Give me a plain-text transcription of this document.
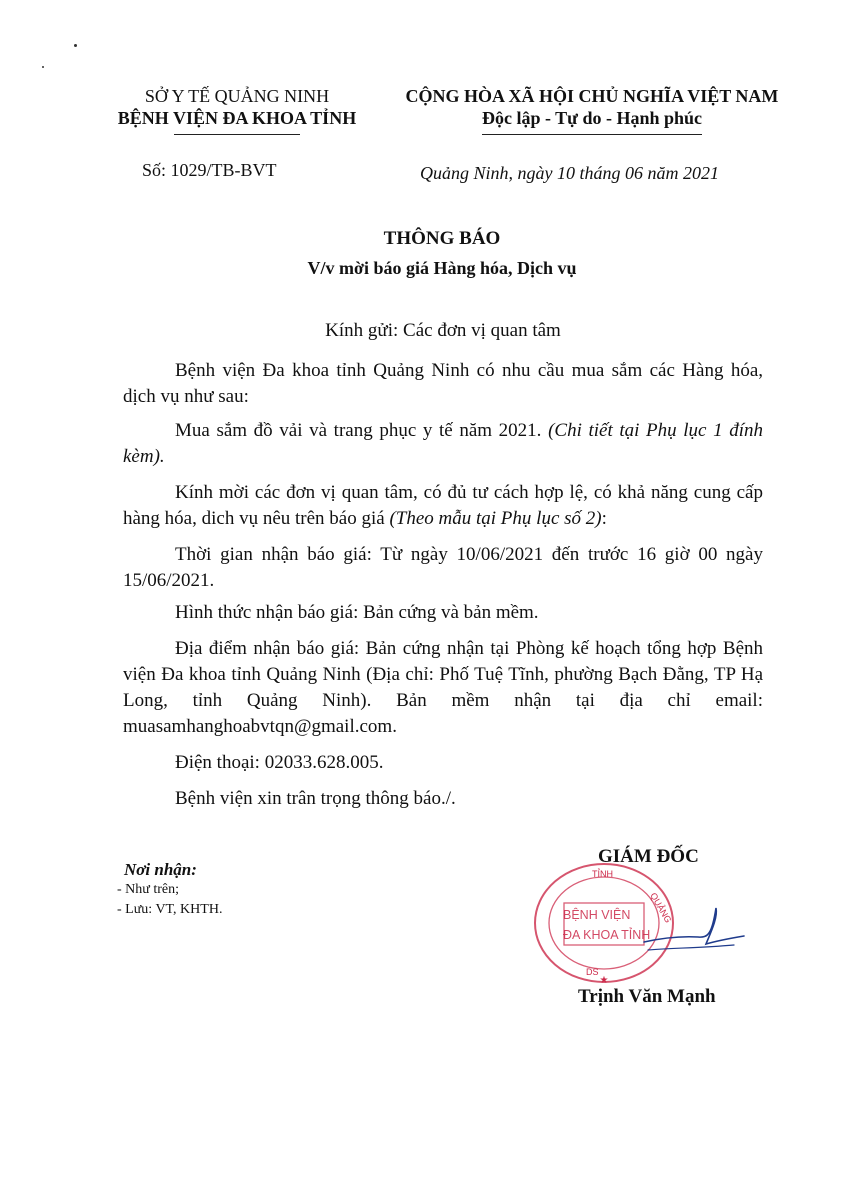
SỞ Y TẾ QUẢNG NINH
BỆNH VIỆN ĐA KHOA TỈNH
CỘNG HÒA XÃ HỘI CHỦ NGHĨA VIỆT NAM
Độc lập - Tự do - Hạnh phúc
Số: 1029/TB-BVT	Quảng Ninh, ngày 10 tháng 06 năm 2021
THÔNG BÁO
V/v mời báo giá Hàng hóa, Dịch vụ
Kính gửi: Các đơn vị quan tâm
Bệnh viện Đa khoa tỉnh Quảng Ninh có nhu cầu mua sắm các Hàng hóa, dịch vụ như sau:
Mua sắm đồ vải và trang phục y tế năm 2021. (Chi tiết tại Phụ lục 1 đính kèm).
Kính mời các đơn vị quan tâm, có đủ tư cách hợp lệ, có khả năng cung cấp hàng hóa, dich vụ nêu trên báo giá (Theo mẫu tại Phụ lục số 2):
Thời gian nhận báo giá: Từ ngày 10/06/2021 đến trước 16 giờ 00 ngày 15/06/2021.
Hình thức nhận báo giá: Bản cứng và bản mềm.
Địa điểm nhận báo giá: Bản cứng nhận tại Phòng kế hoạch tổng hợp Bệnh viện Đa khoa tỉnh Quảng Ninh (Địa chỉ: Phố Tuệ Tĩnh, phường Bạch Đằng, TP Hạ Long, tỉnh Quảng Ninh). Bản mềm nhận tại địa chỉ email: muasamhanghoabvtqn@gmail.com.
Điện thoại: 02033.628.005.
Bệnh viện xin trân trọng thông báo./.
Nơi nhận:
- Như trên;
- Lưu: VT, KHTH.
GIÁM ĐỐC
TỈNH
QUẢNG
DS
★
BỆNH VIỆN
ĐA KHOA TỈNH
Trịnh Văn Mạnh
